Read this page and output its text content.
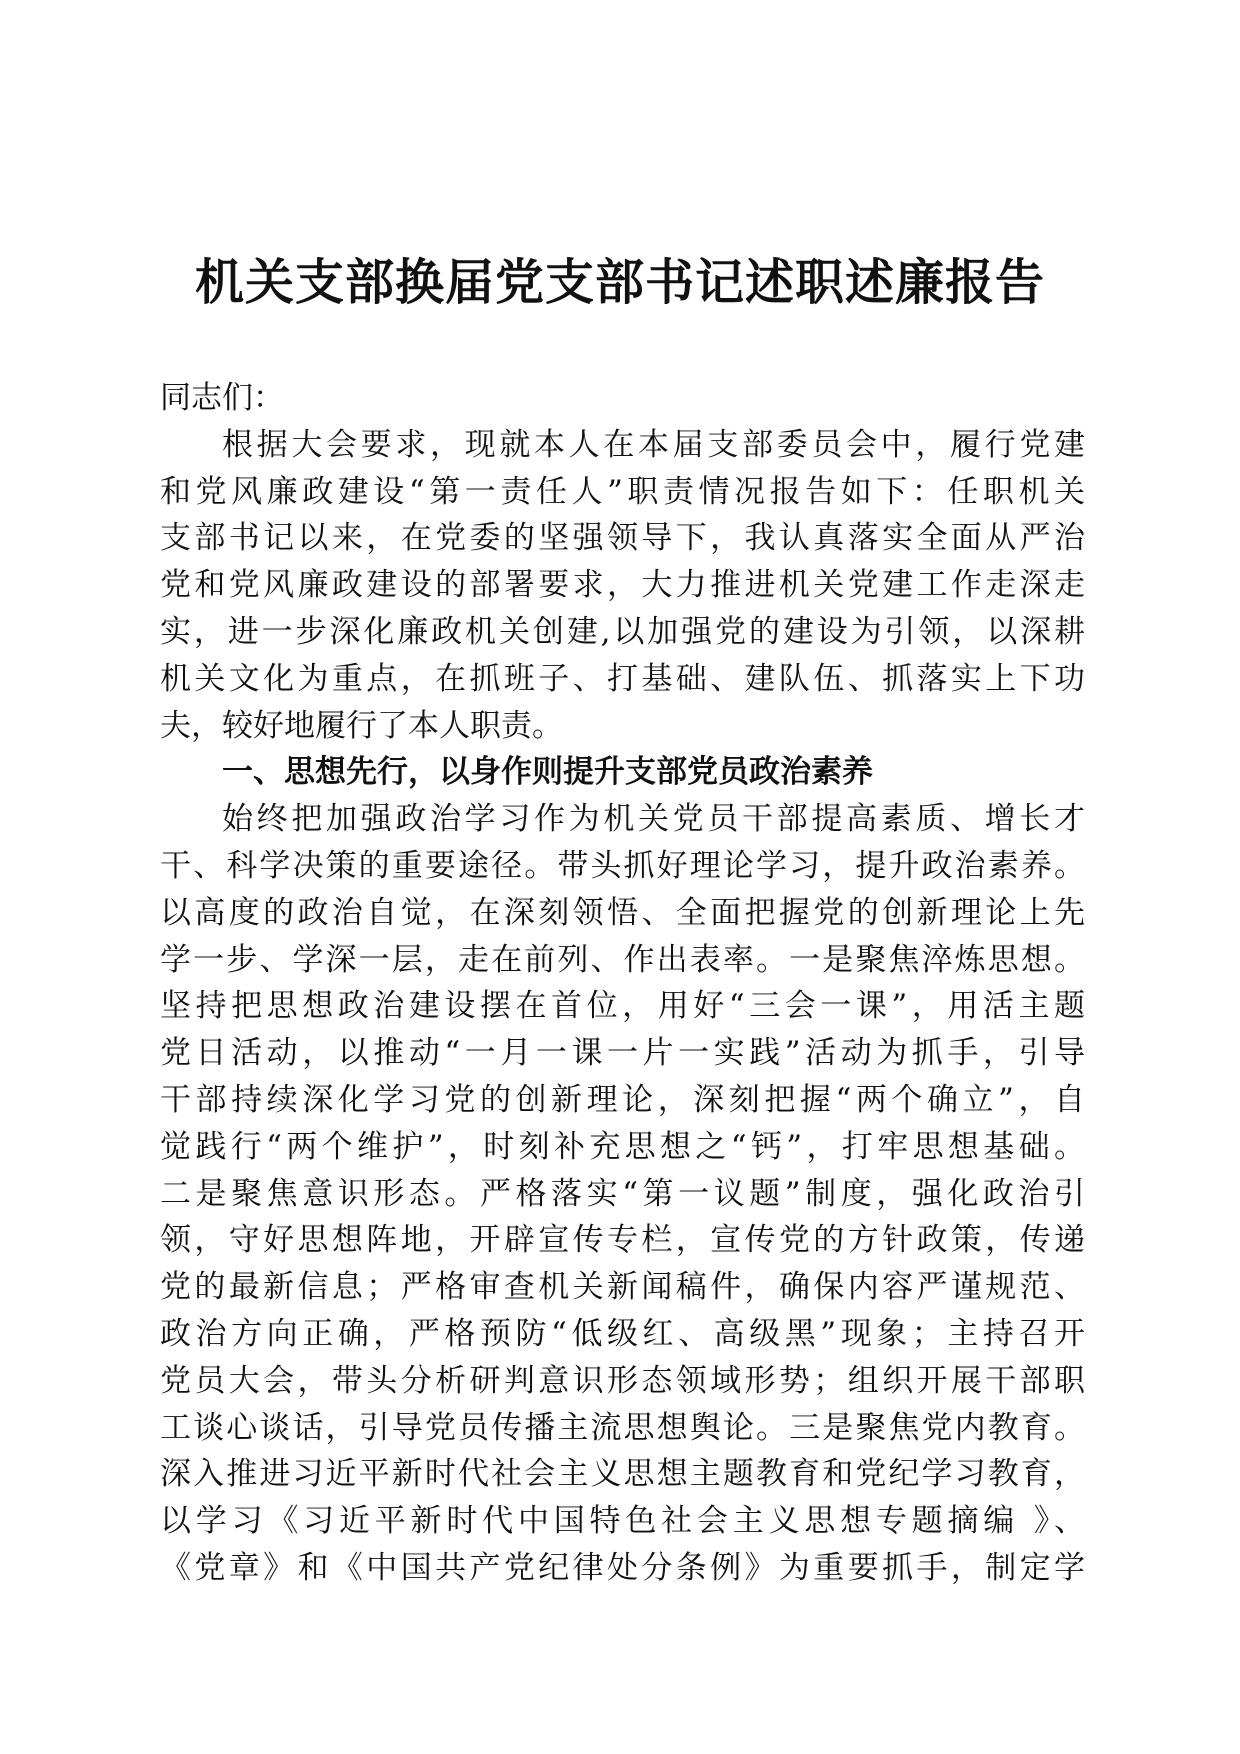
机关支部换届党支部书记述职述廉报告
同志们：
根据大会要求，现就本人在本届支部委员会中，履行党建
和党风廉政建设“第一责任人”职责情况报告如下：任职机关
支部书记以来，在党委的坚强领导下，我认真落实全面从严治
党和党风廉政建设的部署要求，大力推进机关党建工作走深走
实，进一步深化廉政机关创建,以加强党的建设为引领，以深耕
机关文化为重点，在抓班子、打基础、建队伍、抓落实上下功
夫，较好地履行了本人职责。
一、思想先行，以身作则提升支部党员政治素养
始终把加强政治学习作为机关党员干部提高素质、增长才
干、科学决策的重要途径。带头抓好理论学习，提升政治素养。
以高度的政治自觉，在深刻领悟、全面把握党的创新理论上先
学一步、学深一层，走在前列、作出表率。一是聚焦淬炼思想。
坚持把思想政治建设摆在首位，用好“三会一课”，用活主题
党日活动，以推动“一月一课一片一实践”活动为抓手，引导
干部持续深化学习党的创新理论，深刻把握“两个确立”，自
觉践行“两个维护”，时刻补充思想之“钙”，打牢思想基础。
二是聚焦意识形态。严格落实“第一议题”制度，强化政治引
领，守好思想阵地，开辟宣传专栏，宣传党的方针政策，传递
党的最新信息；严格审查机关新闻稿件，确保内容严谨规范、
政治方向正确，严格预防“低级红、高级黑”现象；主持召开
党员大会，带头分析研判意识形态领域形势；组织开展干部职
工谈心谈话，引导党员传播主流思想舆论。三是聚焦党内教育。
深入推进习近平新时代社会主义思想主题教育和党纪学习教育，
以学习《习近平新时代中国特色社会主义思想专题摘编 》、
《党章》和《中国共产党纪律处分条例》为重要抓手，制定学
